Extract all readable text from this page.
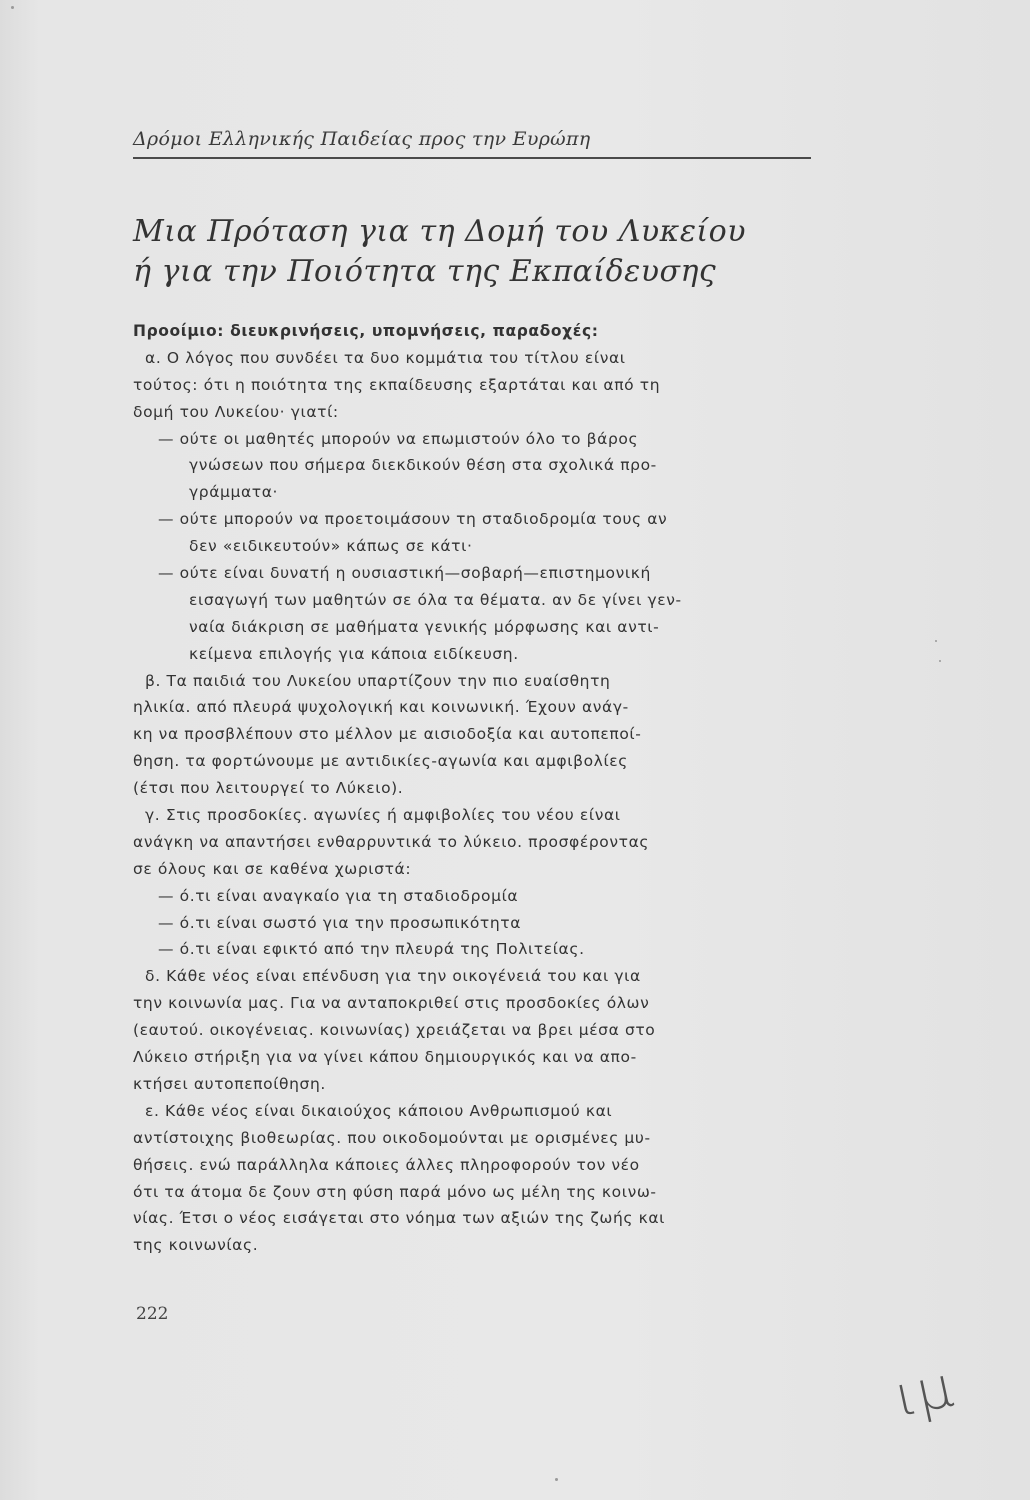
Δρόμοι Ελληνικής Παιδείας προς την Ευρώπη
Μια Πρόταση για τη Δομή του Λυκείου
ή για την Ποιότητα της Εκπαίδευσης
Προοίμιο: διευκρινήσεις, υπομνήσεις, παραδοχές:
α. Ο λόγος που συνδέει τα δυο κομμάτια του τίτλου είναι
τούτος: ότι η ποιότητα της εκπαίδευσης εξαρτάται και από τη
δομή του Λυκείου· γιατί:
— ούτε οι μαθητές μπορούν να επωμιστούν όλο το βάρος
γνώσεων που σήμερα διεκδικούν θέση στα σχολικά προ-
γράμματα·
— ούτε μπορούν να προετοιμάσουν τη σταδιοδρομία τους αν
δεν «ειδικευτούν» κάπως σε κάτι·
— ούτε είναι δυνατή η ουσιαστική—σοβαρή—επιστημονική
εισαγωγή των μαθητών σε όλα τα θέματα. αν δε γίνει γεν-
ναία διάκριση σε μαθήματα γενικής μόρφωσης και αντι-
κείμενα επιλογής για κάποια ειδίκευση.
β. Τα παιδιά του Λυκείου υπαρτίζουν την πιο ευαίσθητη
ηλικία. από πλευρά ψυχολογική και κοινωνική. Έχουν ανάγ-
κη να προσβλέπουν στο μέλλον με αισιοδοξία και αυτοπεποί-
θηση. τα φορτώνουμε με αντιδικίες-αγωνία και αμφιβολίες
(έτσι που λειτουργεί το Λύκειο).
γ. Στις προσδοκίες. αγωνίες ή αμφιβολίες του νέου είναι
ανάγκη να απαντήσει ενθαρρυντικά το λύκειο. προσφέροντας
σε όλους και σε καθένα χωριστά:
— ό.τι είναι αναγκαίο για τη σταδιοδρομία
— ό.τι είναι σωστό για την προσωπικότητα
— ό.τι είναι εφικτό από την πλευρά της Πολιτείας.
δ. Κάθε νέος είναι επένδυση για την οικογένειά του και για
την κοινωνία μας. Για να ανταποκριθεί στις προσδοκίες όλων
(εαυτού. οικογένειας. κοινωνίας) χρειάζεται να βρει μέσα στο
Λύκειο στήριξη για να γίνει κάπου δημιουργικός και να απο-
κτήσει αυτοπεποίθηση.
ε. Κάθε νέος είναι δικαιούχος κάποιου Ανθρωπισμού και
αντίστοιχης βιοθεωρίας. που οικοδομούνται με ορισμένες μυ-
θήσεις. ενώ παράλληλα κάποιες άλλες πληροφορούν τον νέο
ότι τα άτομα δε ζουν στη φύση παρά μόνο ως μέλη της κοινω-
νίας. Έτσι ο νέος εισάγεται στο νόημα των αξιών της ζωής και
της κοινωνίας.
222
ιμ
